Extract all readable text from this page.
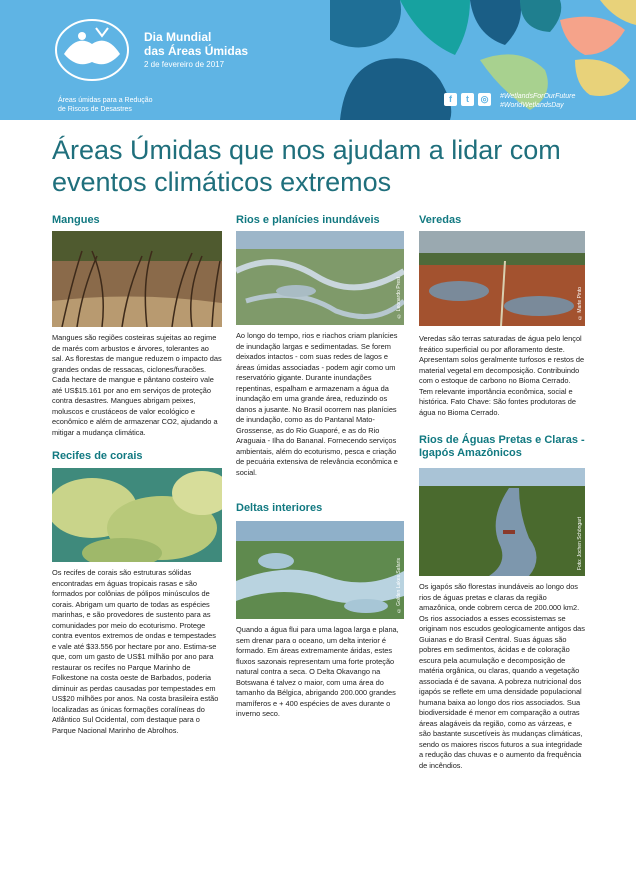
Dia Mundial
das Áreas Úmidas
2 de fevereiro de 2017
Áreas úmidas para a Redução
de Riscos de Desastres
f	t	◎	#WetlandsForOurFuture
#WorldWetlandsDay
Áreas Úmidas que nos ajudam a lidar com eventos climáticos extremos
Mangues

Mangues são regiões costeiras sujeitas ao regime de marés com arbustos e árvores, tolerantes ao sal. As florestas de mangue reduzem o impacto das grandes ondas de ressacas, ciclones/furacões. Cada hectare de mangue e pântano costeiro vale até US$15.161 por ano em serviços de proteção contra desastres. Mangues abrigam peixes, moluscos e crustáceos de valor ecológico e econômico e além de armazenar CO2, ajudando a mitigar a mudança climática.

Recifes de corais

Os recifes de corais são estruturas sólidas encontradas em águas tropicais rasas e são formados por colônias de pólipos minúsculos de corais. Abrigam um quarto de todas as espécies marinhas, e são provedores de sustento para as comunidades por meio do ecoturismo. Protege contra eventos extremos de ondas e tempestades e vale até $33.556 por hectare por ano. Estima-se que, com um gasto de US$1 milhão por ano para restaurar os recifes no Parque Marinho de Folkestone na costa oeste de Barbados, poderia diminuir as perdas causadas por tempestades em US$20 milhões por anos. Na costa brasileira estão localizadas as únicas formações coralíneas do Atlântico Sul Ocidental, com destaque para o Parque Nacional Marinho de Abrolhos.

Rios e planícies inundáveis
© Leonardo Prest

Ao longo do tempo, rios e riachos criam planícies de inundação largas e sedimentadas. Se forem deixados intactos - com suas redes de lagos e áreas úmidas associadas - podem agir como um reservatório gigante. Durante inundações repentinas, espalham e armazenam a água da inundação em uma grande área, reduzindo os danos a jusante. No Brasil ocorrem nas planícies de inundação, como as do Pantanal Mato-Grossense, as do Rio Guaporé, e as do Rio Araguaia - Ilha do Bananal. Fornecendo serviços ambientais, além do ecoturismo, pesca e criação de pecuária extensiva de relevância econômica e social.

Deltas interiores
© Golden Lakes Safaris

Quando a água flui para uma lagoa larga e plana, sem drenar para o oceano, um delta interior é formado. Em áreas extremamente áridas, estes fluxos sazonais representam uma forte proteção natural contra a seca. O Delta Okavango na Botswana é talvez o maior, com uma área do tamanho da Bélgica, abrigando 200.000 grandes mamíferos e + 400 espécies de aves durante o inverno seco.

Veredas
© Marte Pinto

Veredas são terras saturadas de água pelo lençol freático superficial ou por afloramento deste. Apresentam solos geralmente turfosos e restos de material vegetal em decomposição. Contribuindo com o estoque de carbono no Bioma Cerrado. Tem relevante importância econômica, social e histórica. Fato Chave: São fontes produtoras de água no Bioma Cerrado.

Rios de Águas Pretas e Claras - Igapós Amazônicos
Foto: Jochen Schöngart

Os igapós são florestas inundáveis ao longo dos rios de águas pretas e claras da região amazônica, onde cobrem cerca de 200.000 km2. Os rios associados a esses ecossistemas se originam nos escudos geologicamente antigos das Guianas e do Brasil Central. Suas águas são pobres em sedimentos, ácidas e de coloração escura pela acumulação e decomposição de matéria orgânica, ou claras, quando a vegetação associada é de savana. A pobreza nutricional dos igapós se reflete em uma densidade populacional humana baixa ao longo dos rios associados. Sua biodiversidade é menor em comparação a outras áreas alagáveis da região, como as várzeas, e são bastante suscetíveis às mudanças climáticas, sendo os maiores riscos futuros a sua integridade a redução das chuvas e o aumento da frequência de incêndios.
